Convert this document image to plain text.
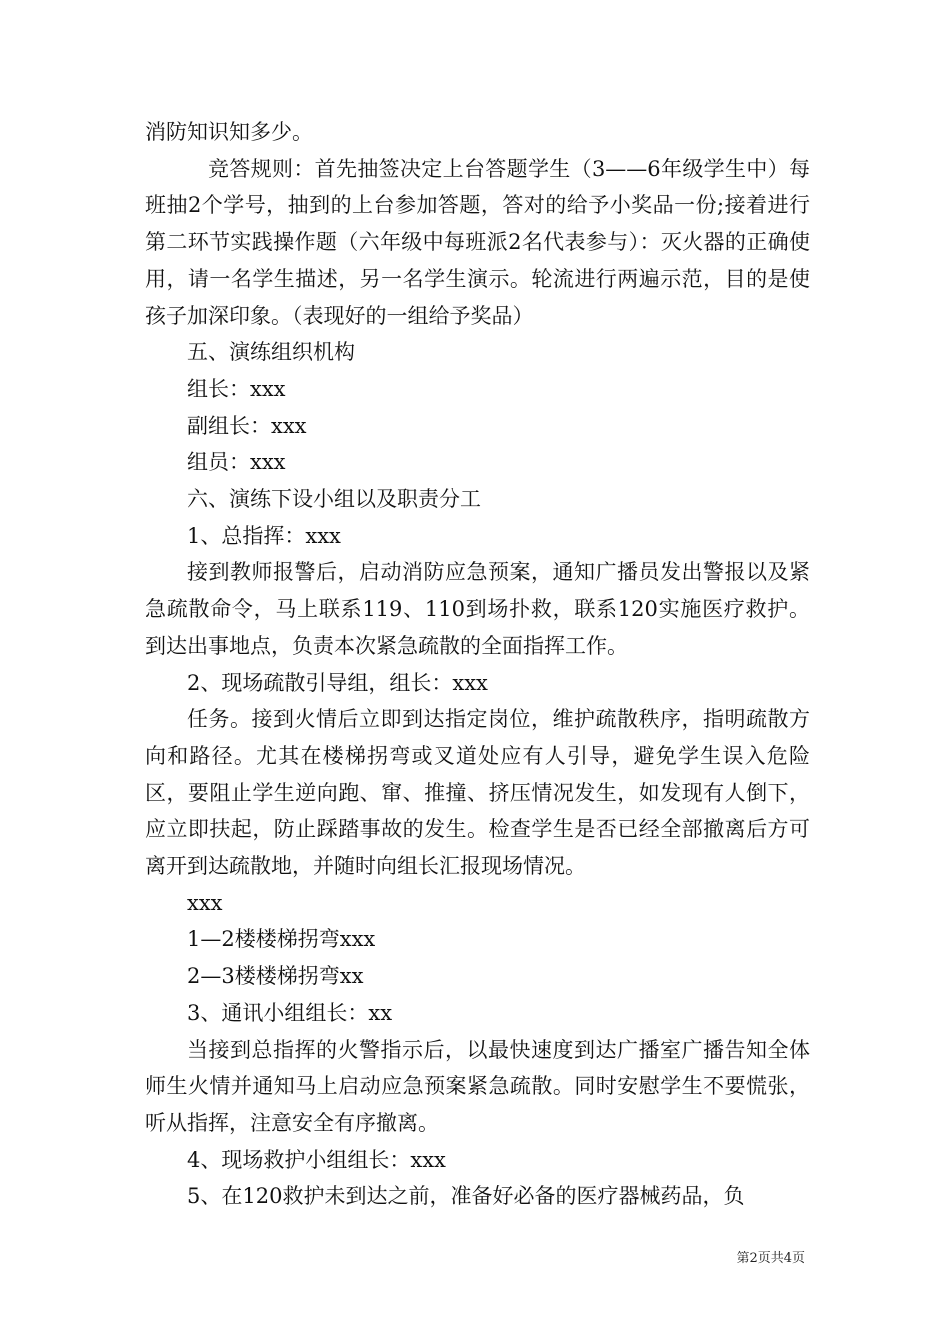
消防知识知多少。

竞答规则：首先抽签决定上台答题学生（3——6年级学生中）每班抽2个学号，抽到的上台参加答题，答对的给予小奖品一份;接着进行第二环节实践操作题（六年级中每班派2名代表参与）：灭火器的正确使用，请一名学生描述，另一名学生演示。轮流进行两遍示范，目的是使孩子加深印象。（表现好的一组给予奖品）

五、演练组织机构

组长：xxx

副组长：xxx

组员：xxx

六、演练下设小组以及职责分工

1、总指挥：xxx

接到教师报警后，启动消防应急预案，通知广播员发出警报以及紧急疏散命令，马上联系119、110到场扑救，联系120实施医疗救护。到达出事地点，负责本次紧急疏散的全面指挥工作。

2、现场疏散引导组，组长：xxx

任务。接到火情后立即到达指定岗位，维护疏散秩序，指明疏散方向和路径。尤其在楼梯拐弯或叉道处应有人引导，避免学生误入危险区，要阻止学生逆向跑、窜、推撞、挤压情况发生，如发现有人倒下，应立即扶起，防止踩踏事故的发生。检查学生是否已经全部撤离后方可离开到达疏散地，并随时向组长汇报现场情况。

xxx

1—2楼楼梯拐弯xxx

2—3楼楼梯拐弯xx

3、通讯小组组长：xx

当接到总指挥的火警指示后，以最快速度到达广播室广播告知全体师生火情并通知马上启动应急预案紧急疏散。同时安慰学生不要慌张，听从指挥，注意安全有序撤离。

4、现场救护小组组长：xxx

5、在120救护未到达之前，准备好必备的医疗器械药品，负

第2页共4页
